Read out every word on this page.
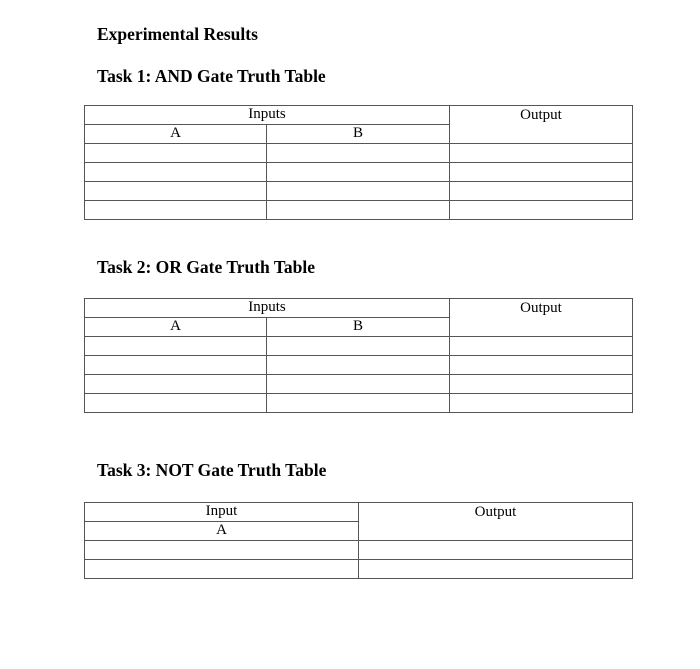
Experimental Results
Task 1: AND Gate Truth Table
Inputs		Output
A	B	

Task 2: OR Gate Truth Table
Inputs		Output
A	B	

Task 3: NOT Gate Truth Table
Input	Output
A	
